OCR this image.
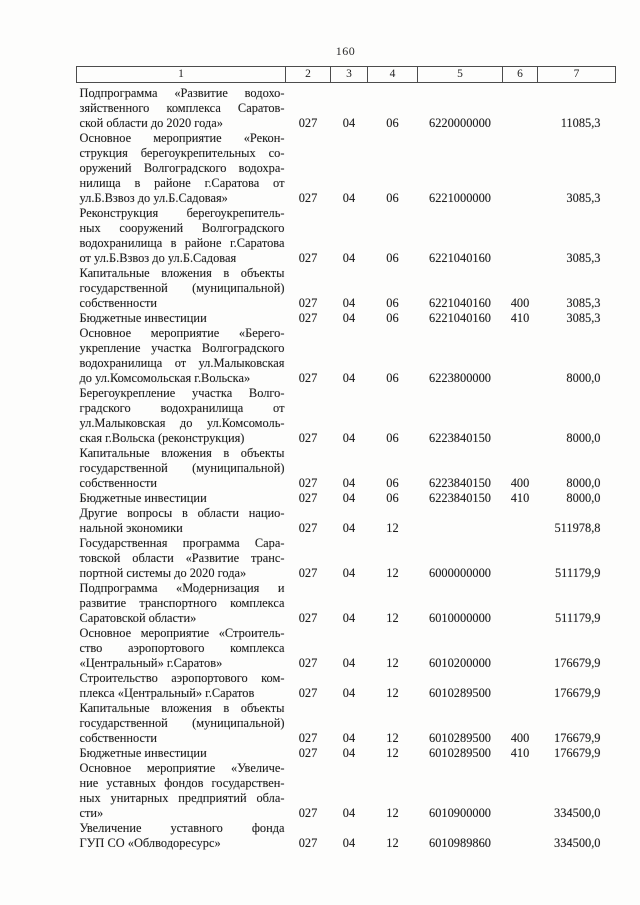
160
1	2	3	4	5	6	7

Подпрограмма «Развитие водохо-
зяйственного комплекса Саратов-
ской области до 2020 года»	027	04	06	6220000000		11085,3

Основное мероприятие «Рекон-
струкция берегоукрепительных со-
оружений Волгоградского водохра-
нилища в районе г.Саратова от
ул.Б.Взвоз до ул.Б.Садовая»	027	04	06	6221000000		3085,3

Реконструкция берегоукрепитель-
ных сооружений Волгоградского
водохранилища в районе г.Саратова
от ул.Б.Взвоз до ул.Б.Садовая	027	04	06	6221040160		3085,3

Капитальные вложения в объекты
государственной (муниципальной)
собственности	027	04	06	6221040160	400	3085,3

Бюджетные инвестиции	027	04	06	6221040160	410	3085,3

Основное мероприятие «Берего-
укрепление участка Волгоградского
водохранилища от ул.Малыковская
до ул.Комсомольская г.Вольска»	027	04	06	6223800000		8000,0

Берегоукрепление участка Волго-
градского водохранилища от
ул.Малыковская до ул.Комсомоль-
ская г.Вольска (реконструкция)	027	04	06	6223840150		8000,0

Капитальные вложения в объекты
государственной (муниципальной)
собственности	027	04	06	6223840150	400	8000,0

Бюджетные инвестиции	027	04	06	6223840150	410	8000,0

Другие вопросы в области нацио-
нальной экономики	027	04	12			511978,8

Государственная программа Сара-
товской области «Развитие транс-
портной системы до 2020 года»	027	04	12	6000000000		511179,9

Подпрограмма «Модернизация и
развитие транспортного комплекса
Саратовской области»	027	04	12	6010000000		511179,9

Основное мероприятие «Строитель-
ство аэропортового комплекса
«Центральный» г.Саратов»	027	04	12	6010200000		176679,9

Строительство аэропортового ком-
плекса «Центральный» г.Саратов	027	04	12	6010289500		176679,9

Капитальные вложения в объекты
государственной (муниципальной)
собственности	027	04	12	6010289500	400	176679,9

Бюджетные инвестиции	027	04	12	6010289500	410	176679,9

Основное мероприятие «Увеличе-
ние уставных фондов государствен-
ных унитарных предприятий обла-
сти»	027	04	12	6010900000		334500,0

Увеличение уставного фонда
ГУП СО «Облводоресурс»	027	04	12	6010989860		334500,0
